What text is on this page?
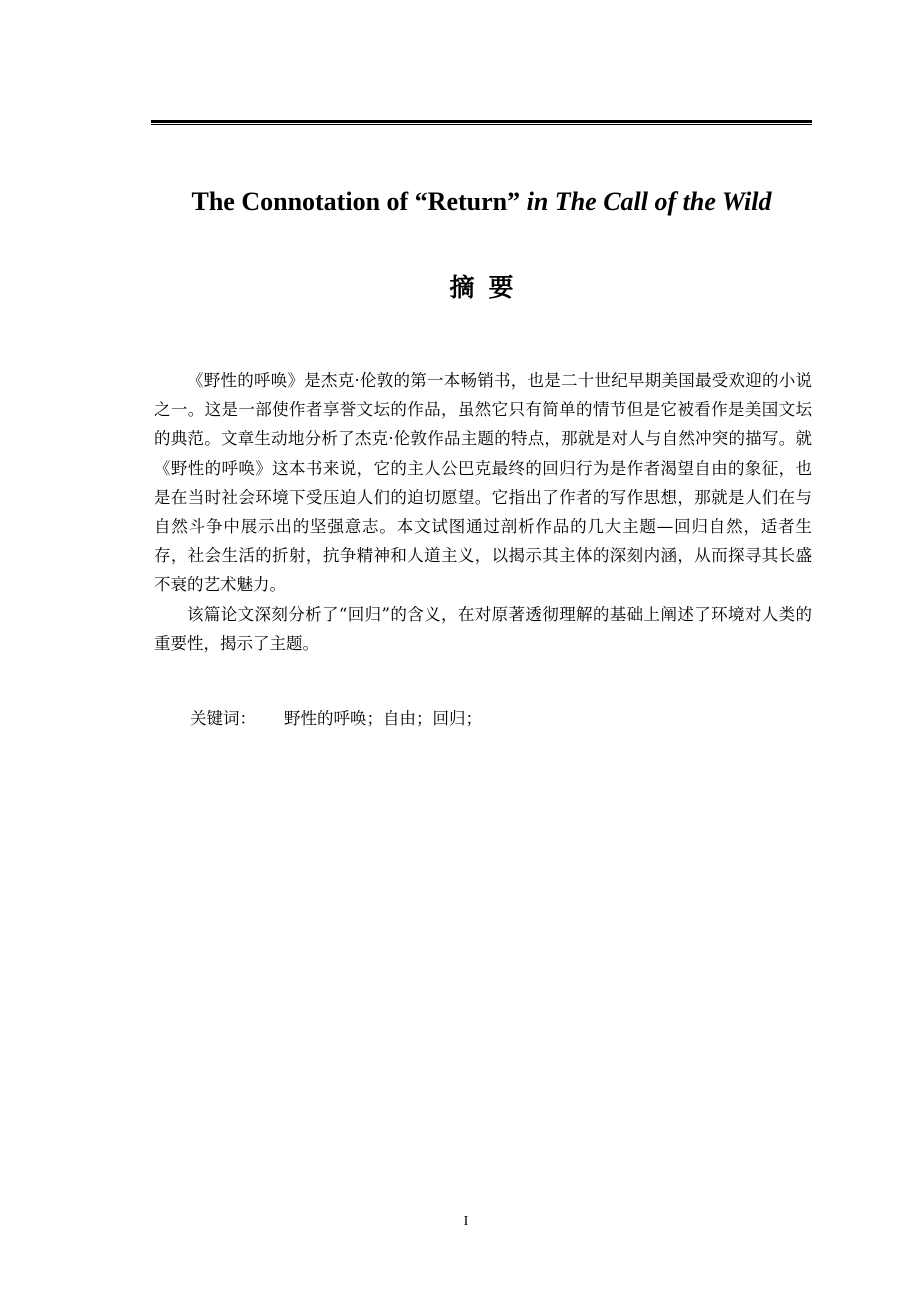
The Connotation of “Return” in The Call of the Wild
摘要

《野性的呼唤》是杰克·伦敦的第一本畅销书，也是二十世纪早期美国最受欢迎的小说之一。这是一部使作者享誉文坛的作品，虽然它只有简单的情节但是它被看作是美国文坛的典范。文章生动地分析了杰克·伦敦作品主题的特点，那就是对人与自然冲突的描写。就《野性的呼唤》这本书来说，它的主人公巴克最终的回归行为是作者渴望自由的象征，也是在当时社会环境下受压迫人们的迫切愿望。它指出了作者的写作思想，那就是人们在与自然斗争中展示出的坚强意志。本文试图通过剖析作品的几大主题—回归自然，适者生存，社会生活的折射，抗争精神和人道主义，以揭示其主体的深刻内涵，从而探寻其长盛不衰的艺术魅力。

该篇论文深刻分析了“回归”的含义，在对原著透彻理解的基础上阐述了环境对人类的重要性，揭示了主题。

关键词： 野性的呼唤；自由；回归；
I
